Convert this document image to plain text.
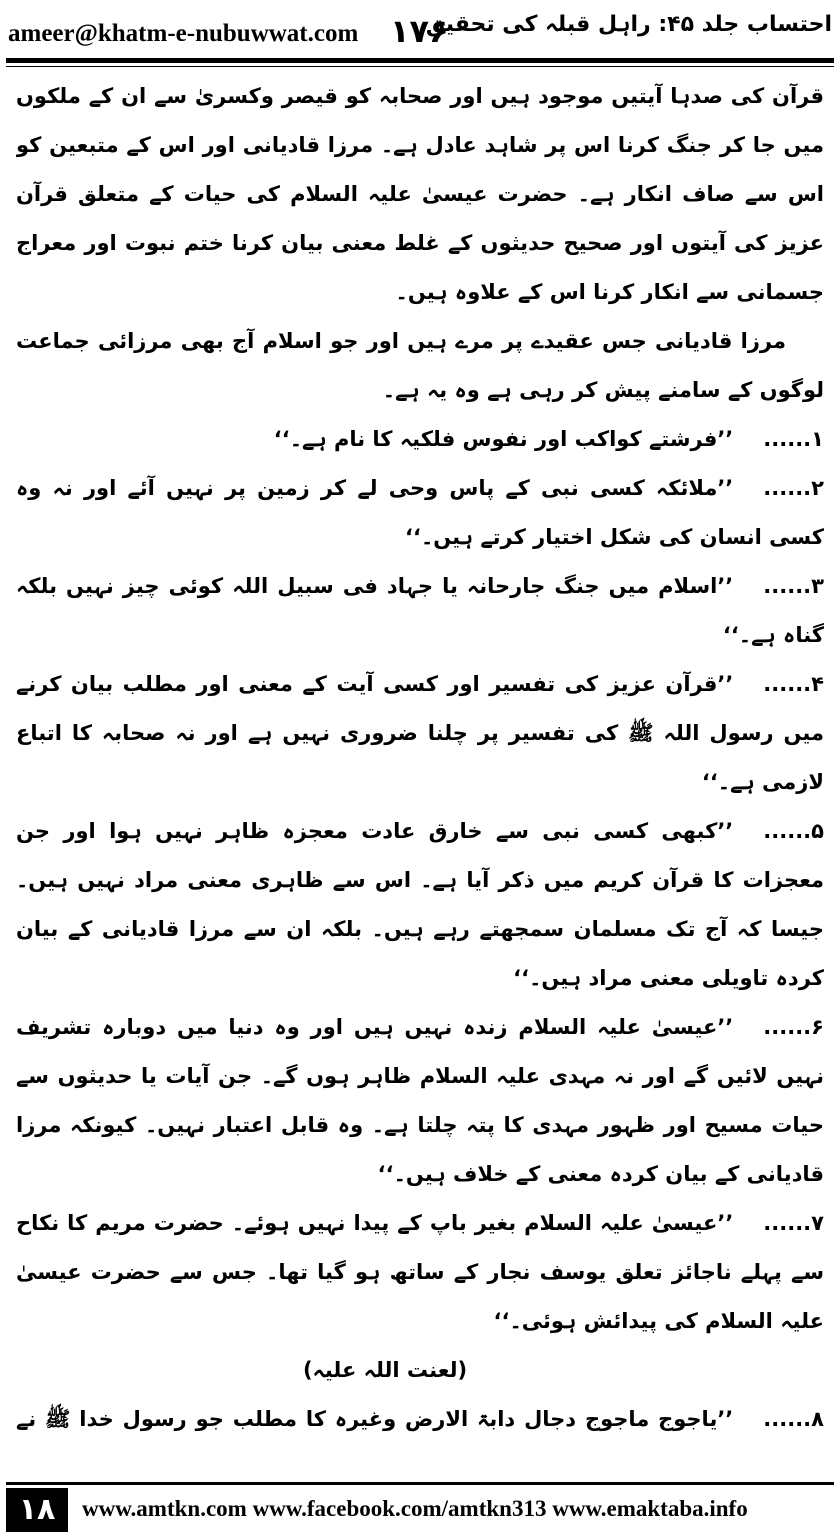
ameer@khatm-e-nubuwwat.com ۱۷۶
احتساب جلد ۴۵: راہل قبلہ کی تحقیق

قرآن کی صدہا آیتیں موجود ہیں اور صحابہ کو قیصر وکسریٰ سے ان کے ملکوں میں جا کر جنگ کرنا اس پر شاہد عادل ہے۔ مرزا قادیانی اور اس کے متبعین کو اس سے صاف انکار ہے۔ حضرت عیسیٰ علیہ السلام کی حیات کے متعلق قرآن عزیز کی آیتوں اور صحیح حدیثوں کے غلط معنی بیان کرنا ختم نبوت اور معراج جسمانی سے انکار کرنا اس کے علاوہ ہیں۔

مرزا قادیانی جس عقیدے پر مرے ہیں اور جو اسلام آج بھی مرزائی جماعت لوگوں کے سامنے پیش کر رہی ہے وہ یہ ہے۔

۱......’’فرشتے کواکب اور نفوس فلکیہ کا نام ہے۔‘‘

۲......’’ملائکہ کسی نبی کے پاس وحی لے کر زمین پر نہیں آئے اور نہ وہ کسی انسان کی شکل اختیار کرتے ہیں۔‘‘

۳......’’اسلام میں جنگ جارحانہ یا جہاد فی سبیل اللہ کوئی چیز نہیں بلکہ گناہ ہے۔‘‘

۴......’’قرآن عزیز کی تفسیر اور کسی آیت کے معنی اور مطلب بیان کرنے میں رسول اللہ ﷺ کی تفسیر پر چلنا ضروری نہیں ہے اور نہ صحابہ کا اتباع لازمی ہے۔‘‘

۵......’’کبھی کسی نبی سے خارق عادت معجزہ ظاہر نہیں ہوا اور جن معجزات کا قرآن کریم میں ذکر آیا ہے۔ اس سے ظاہری معنی مراد نہیں ہیں۔ جیسا کہ آج تک مسلمان سمجھتے رہے ہیں۔ بلکہ ان سے مرزا قادیانی کے بیان کردہ تاویلی معنی مراد ہیں۔‘‘

۶......’’عیسیٰ علیہ السلام زندہ نہیں ہیں اور وہ دنیا میں دوبارہ تشریف نہیں لائیں گے اور نہ مہدی علیہ السلام ظاہر ہوں گے۔ جن آیات یا حدیثوں سے حیات مسیح اور ظہور مہدی کا پتہ چلتا ہے۔ وہ قابل اعتبار نہیں۔ کیونکہ مرزا قادیانی کے بیان کردہ معنی کے خلاف ہیں۔‘‘

۷......’’عیسیٰ علیہ السلام بغیر باپ کے پیدا نہیں ہوئے۔ حضرت مریم کا نکاح سے پہلے ناجائز تعلق یوسف نجار کے ساتھ ہو گیا تھا۔ جس سے حضرت عیسیٰ علیہ السلام کی پیدائش ہوئی۔‘‘

(لعنت اللہ علیہ)

۸......’’یاجوج ماجوج دجال دابۃ الارض وغیرہ کا مطلب جو رسول خدا ﷺ نے

۱۸	www.amtkn.com www.facebook.com/amtkn313 www.emaktaba.info
